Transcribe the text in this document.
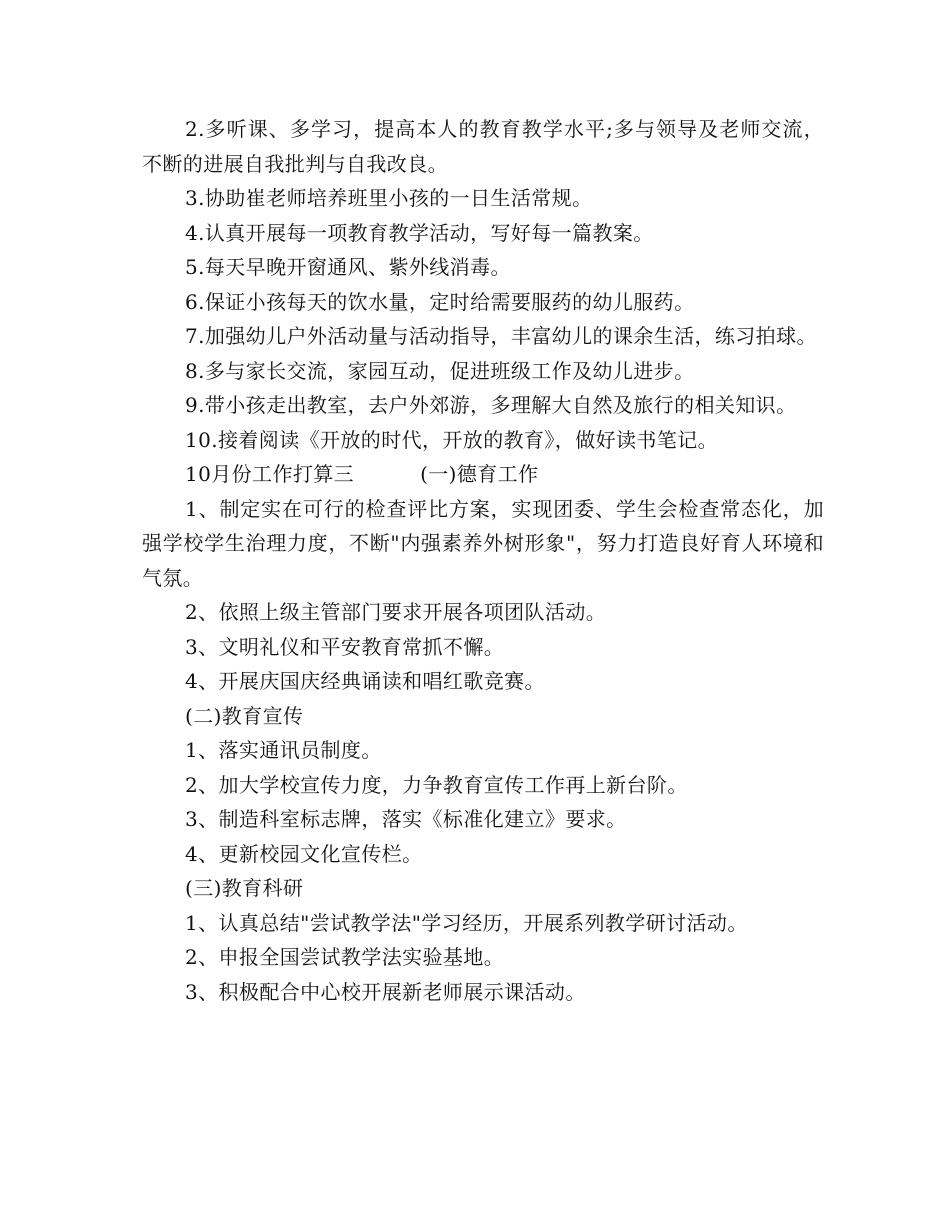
2.多听课、多学习，提高本人的教育教学水平;多与领导及老师交流，不断的进展自我批判与自我改良。

3.协助崔老师培养班里小孩的一日生活常规。

4.认真开展每一项教育教学活动，写好每一篇教案。

5.每天早晚开窗通风、紫外线消毒。

6.保证小孩每天的饮水量，定时给需要服药的幼儿服药。

7.加强幼儿户外活动量与活动指导，丰富幼儿的课余生活，练习拍球。

8.多与家长交流，家园互动，促进班级工作及幼儿进步。

9.带小孩走出教室，去户外郊游，多理解大自然及旅行的相关知识。

10.接着阅读《开放的时代，开放的教育》，做好读书笔记。

10月份工作打算三	(一)德育工作

1、制定实在可行的检查评比方案，实现团委、学生会检查常态化，加强学校学生治理力度，不断"内强素养外树形象"，努力打造良好育人环境和气氛。

2、依照上级主管部门要求开展各项团队活动。

3、文明礼仪和平安教育常抓不懈。

4、开展庆国庆经典诵读和唱红歌竞赛。

(二)教育宣传

1、落实通讯员制度。

2、加大学校宣传力度，力争教育宣传工作再上新台阶。

3、制造科室标志牌，落实《标准化建立》要求。

4、更新校园文化宣传栏。

(三)教育科研

1、认真总结"尝试教学法"学习经历，开展系列教学研讨活动。

2、申报全国尝试教学法实验基地。

3、积极配合中心校开展新老师展示课活动。
